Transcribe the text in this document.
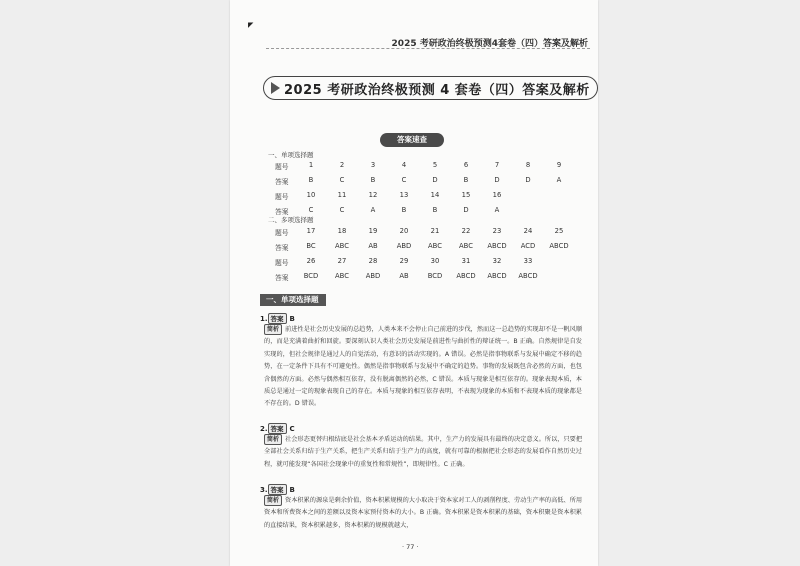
◤
2025 考研政治终极预测4套卷（四）答案及解析
2025 考研政治终极预测 4 套卷（四）答案及解析
答案速查
一、单项选择题
二、多项选择题
一、单项选择题
1. 答案 B
简析 前进性是社会历史发展的总趋势，人类本来不会停止自己前进的步伐，然而这一总趋势的实现却不是一帆风顺的，而是充满着曲折和回旋。要深刻认识人类社会历史发展是前进性与曲折性的辩证统一。B 正确。自然规律是自发实现的，但社会规律是通过人的自觉活动，有意识的活动实现的。A 错误。必然是指事物联系与发展中确定不移的趋势，在一定条件下具有不可避免性。偶然是指事物联系与发展中不确定的趋势。事物的发展既包含必然的方面，也包含偶然的方面。必然与偶然相互依存，没有脱离偶然的必然，C 错误。本质与现象是相互依存的。现象表现本质，本质总是通过一定的现象表现自己的存在。本质与现象的相互依存表明，不表现为现象的本质和不表现本质的现象都是不存在的。D 错误。
2. 答案 C
简析 社会形态更替归根结底是社会基本矛盾运动的结果。其中，生产力的发展具有最终的决定意义。所以，只要把全部社会关系归结于生产关系，把生产关系归结于生产力的高度，就有可靠的根据把社会形态的发展看作自然历史过程，就可能发现“各国社会现象中的重复性和常规性”，即规律性。C 正确。
3. 答案 B
简析 资本积累的源泉是剩余价值，资本积累规模的大小取决于资本家对工人的剥削程度、劳动生产率的高低、所用资本和所费资本之间的差额以及资本家预付资本的大小。B 正确。资本积累是资本积累的基础，资本积聚是资本积累的直接结果，资本积累越多，资本积累的规模就越大，
· 77 ·
题号	1	2	3	4	5	6	7	8	9
答案	B	C	B	C	D	B	D	D	A
题号	10	11	12	13	14	15	16
答案	C	C	A	B	B	D	A
题号	17	18	19	20	21	22	23	24	25
答案	BC	ABC	AB	ABD	ABC	ABC	ABCD	ACD	ABCD
题号	26	27	28	29	30	31	32	33
答案	BCD	ABC	ABD	AB	BCD	ABCD	ABCD	ABCD
